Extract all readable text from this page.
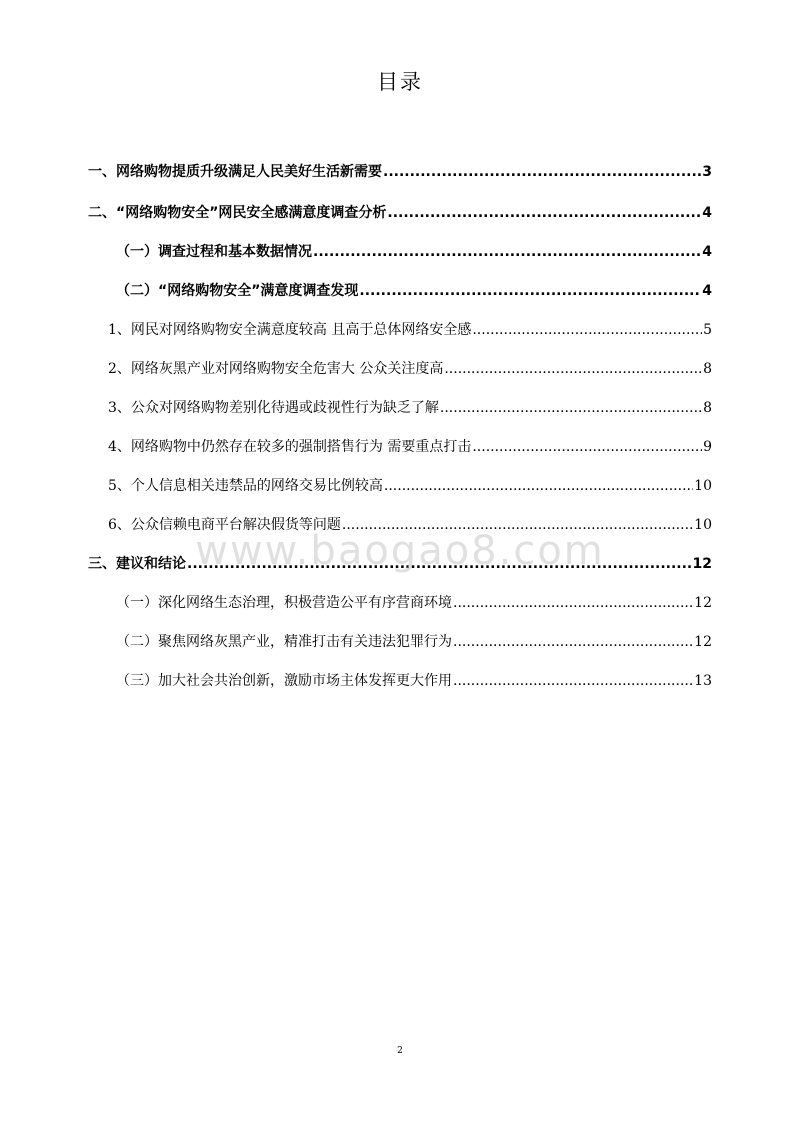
目录
一、网络购物提质升级满足人民美好生活新需要 .....	3
二、“网络购物安全”网民安全感满意度调查分析 .....	4
（一）调查过程和基本数据情况 .....	4
（二）“网络购物安全”满意度调查发现 .....	4
1、网民对网络购物安全满意度较高 且高于总体网络安全感 .....	5
2、网络灰黑产业对网络购物安全危害大 公众关注度高 .....	8
3、公众对网络购物差别化待遇或歧视性行为缺乏了解 .....	8
4、网络购物中仍然存在较多的强制搭售行为 需要重点打击 .....	9
5、个人信息相关违禁品的网络交易比例较高 .....	10
6、公众信赖电商平台解决假货等问题 .....	10
三、建议和结论 .....	12
（一）深化网络生态治理，积极营造公平有序营商环境 .....	12
（二）聚焦网络灰黑产业，精准打击有关违法犯罪行为 .....	12
（三）加大社会共治创新，激励市场主体发挥更大作用 .....	13
www.baogao8.com
2
